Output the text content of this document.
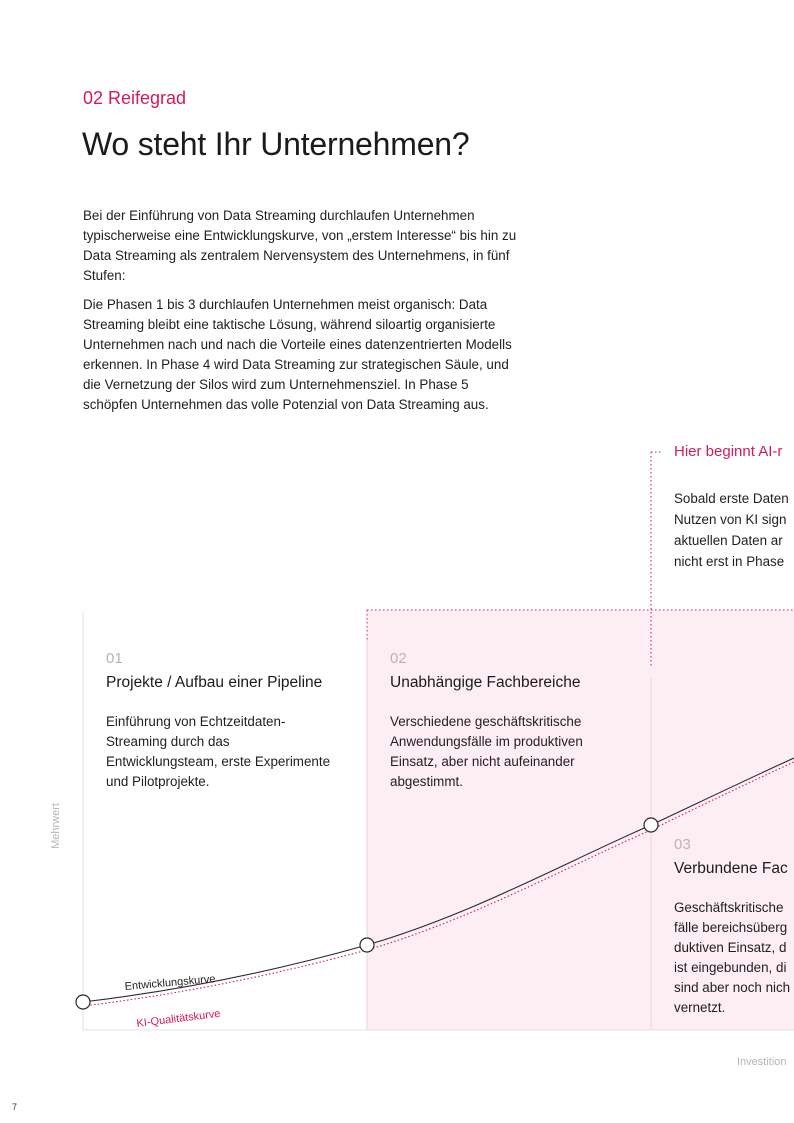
Entwicklungskurve
KI-Qualitätskurve
02 Reifegrad
Wo steht Ihr Unternehmen?

Bei der Einführung von Data Streaming durchlaufen Unternehmen typischerweise eine Entwicklungskurve, von „erstem Interesse“ bis hin zu Data Streaming als zentralem Nervensystem des Unternehmens, in fünf Stufen:

Die Phasen 1 bis 3 durchlaufen Unternehmen meist organisch: Data Streaming bleibt eine taktische Lösung, während siloartig organisierte Unternehmen nach und nach die Vorteile eines datenzentrierten Modells erkennen. In Phase 4 wird Data Streaming zur strategischen Säule, und die Vernetzung der Silos wird zum Unternehmensziel. In Phase 5 schöpfen Unternehmen das volle Potenzial von Data Streaming aus.

Hier beginnt AI-r

Sobald erste Daten
Nutzen von KI sign
aktuellen Daten ar
nicht erst in Phase

01
Projekte / Aufbau einer Pipeline

Einführung von Echtzeitdaten-Streaming durch das Entwicklungsteam, erste Experimente und Pilotprojekte.

02
Unabhängige Fachbereiche

Verschiedene geschäftskritische Anwendungsfälle im produktiven Einsatz, aber nicht aufeinander abgestimmt.

03
Verbundene Fac

Geschäftskritische
fälle bereichsüberg
duktiven Einsatz, d
ist eingebunden, di
sind aber noch nich
vernetzt.

Mehrwert
Investition
7
